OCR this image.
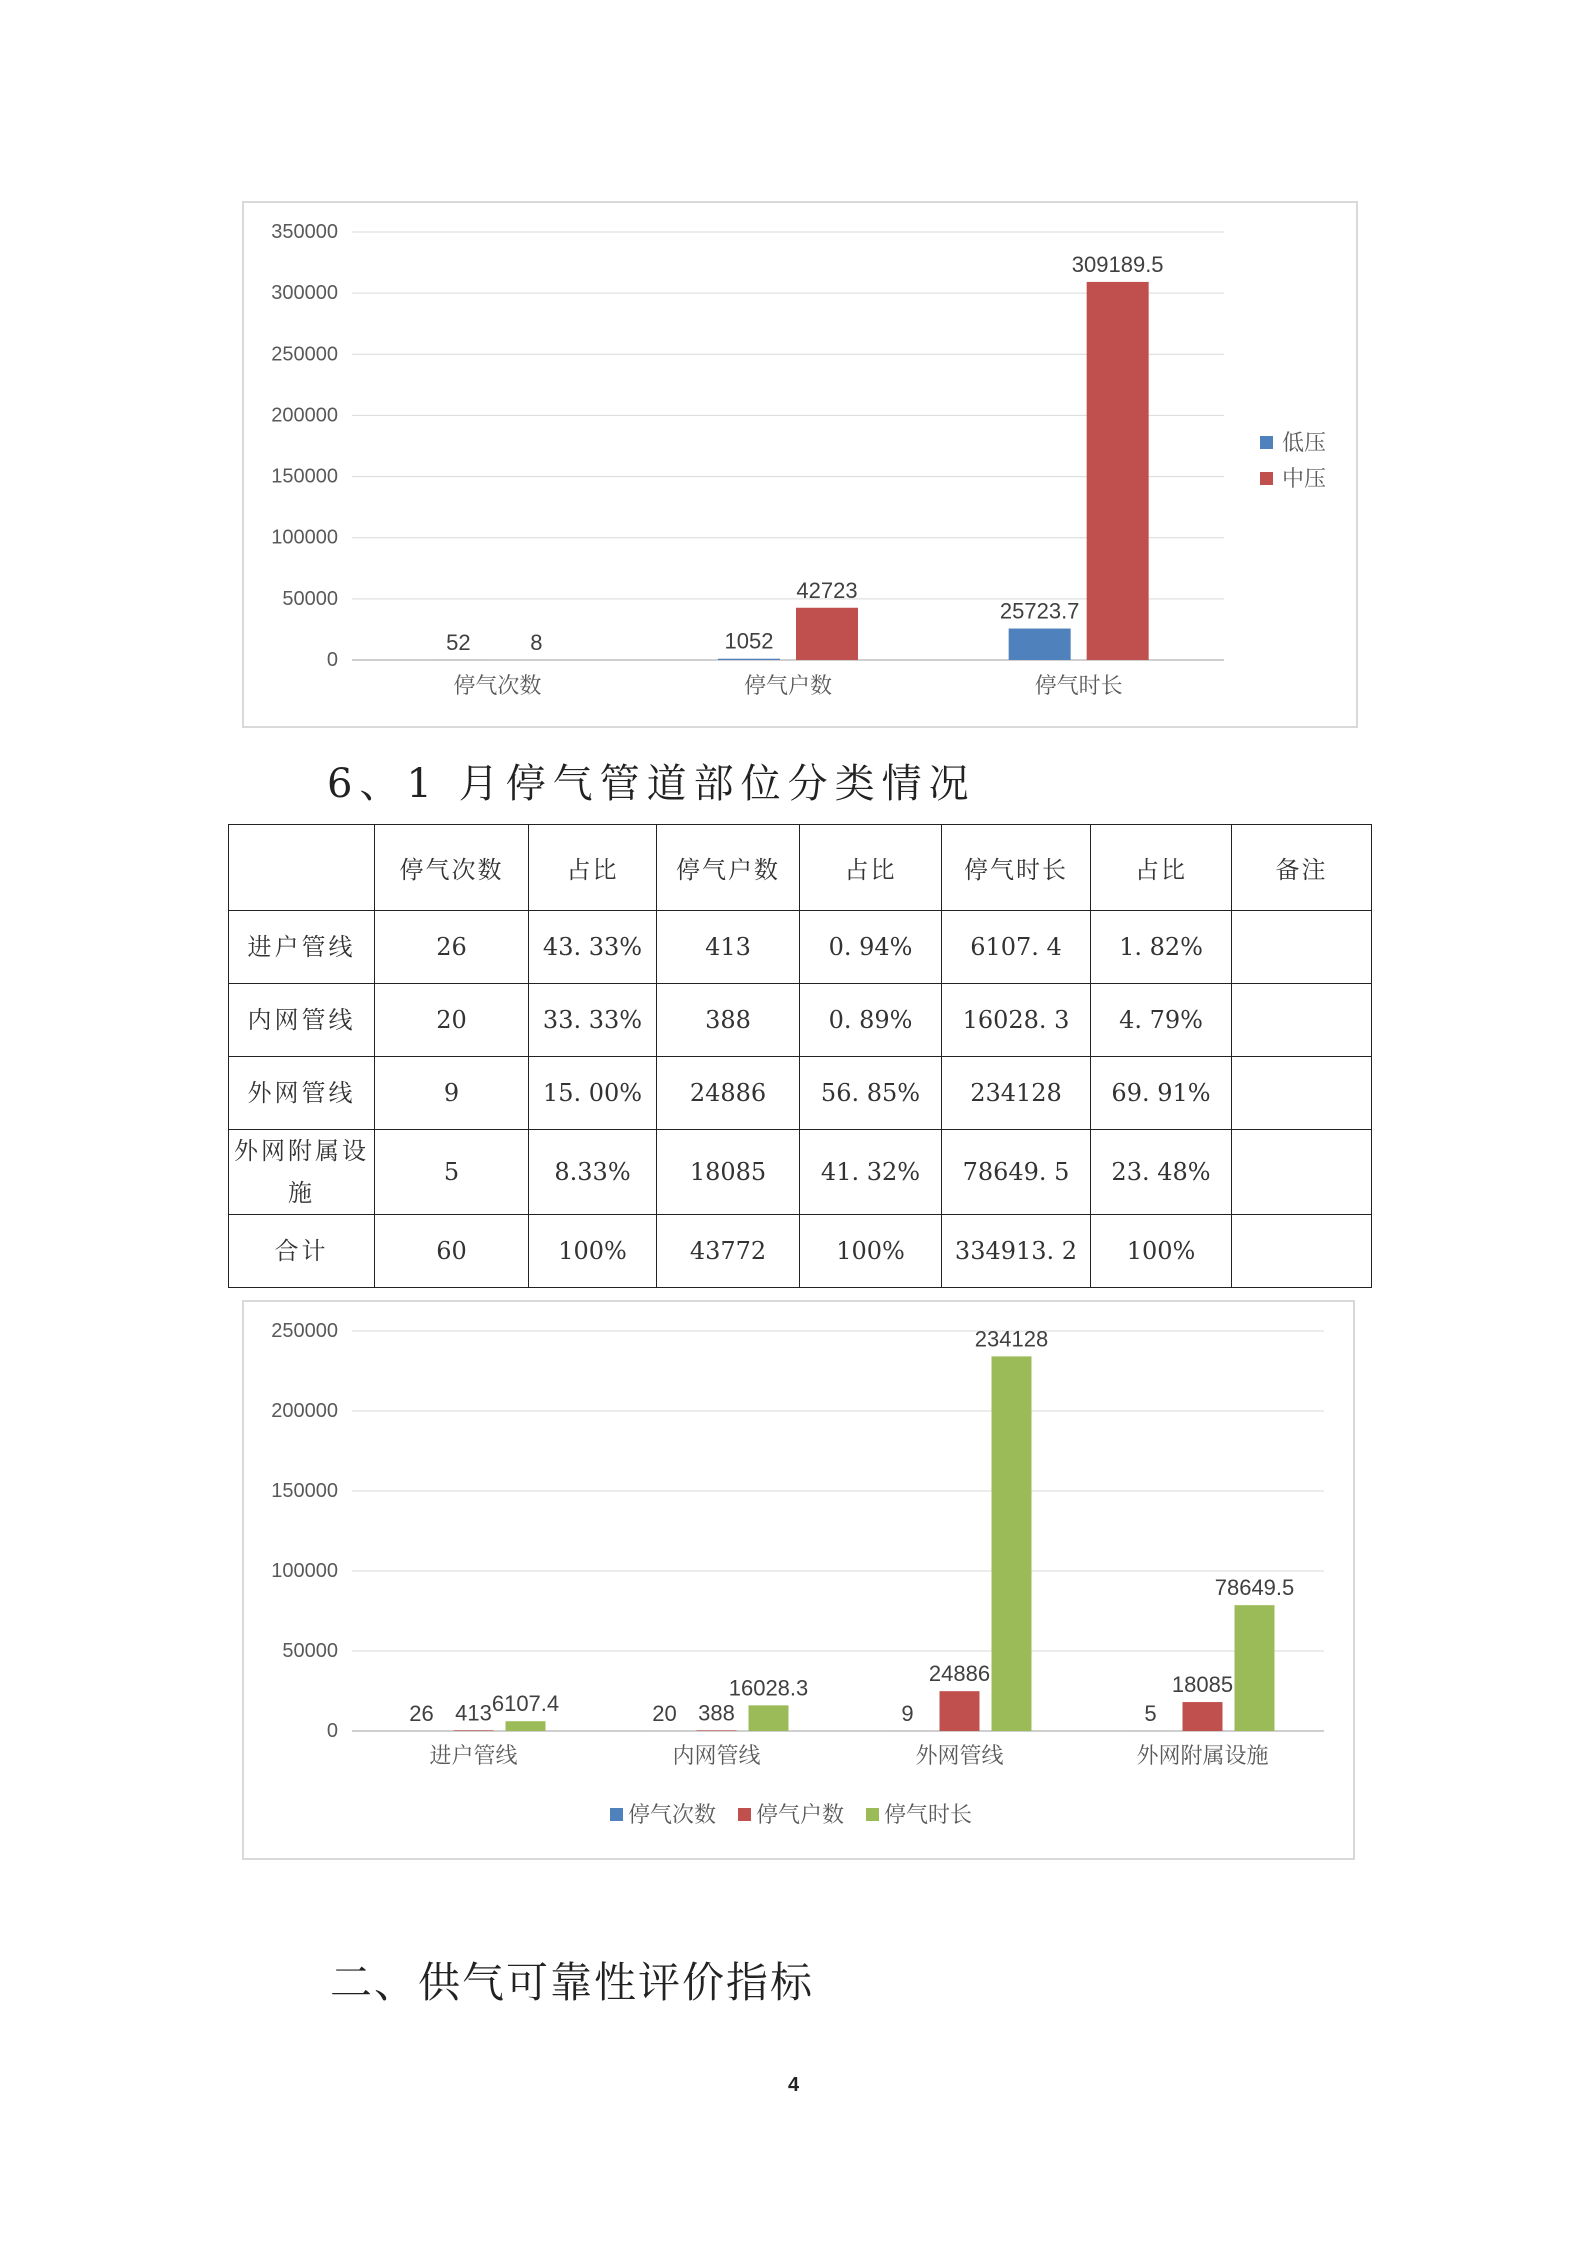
0
50000
100000
150000
200000
250000
300000
350000
停气次数
52	8
停气户数
1052
42723
停气时长
25723.7
309189.5
低压
中压
6、1 月停气管道部位分类情况
	停气次数	占比	停气户数	占比	停气时长	占比	备注
进户管线	26	43. 33%	413	0. 94%	6107. 4	1. 82%	
内网管线	20	33. 33%	388	0. 89%	16028. 3	4. 79%	
外网管线	9	15. 00%	24886	56. 85%	234128	69. 91%	
外网附属设施	5	8.33%	18085	41. 32%	78649. 5	23. 48%	
合计	60	100%	43772	100%	334913. 2	100%	
0
50000
100000
150000
200000
250000
进户管线
26 413 6107.4
内网管线
20 388
16028.3
外网管线
9
24886
234128
外网附属设施
5
18085
78649.5
停气次数 停气户数 停气时长
二、供气可靠性评价指标
4
